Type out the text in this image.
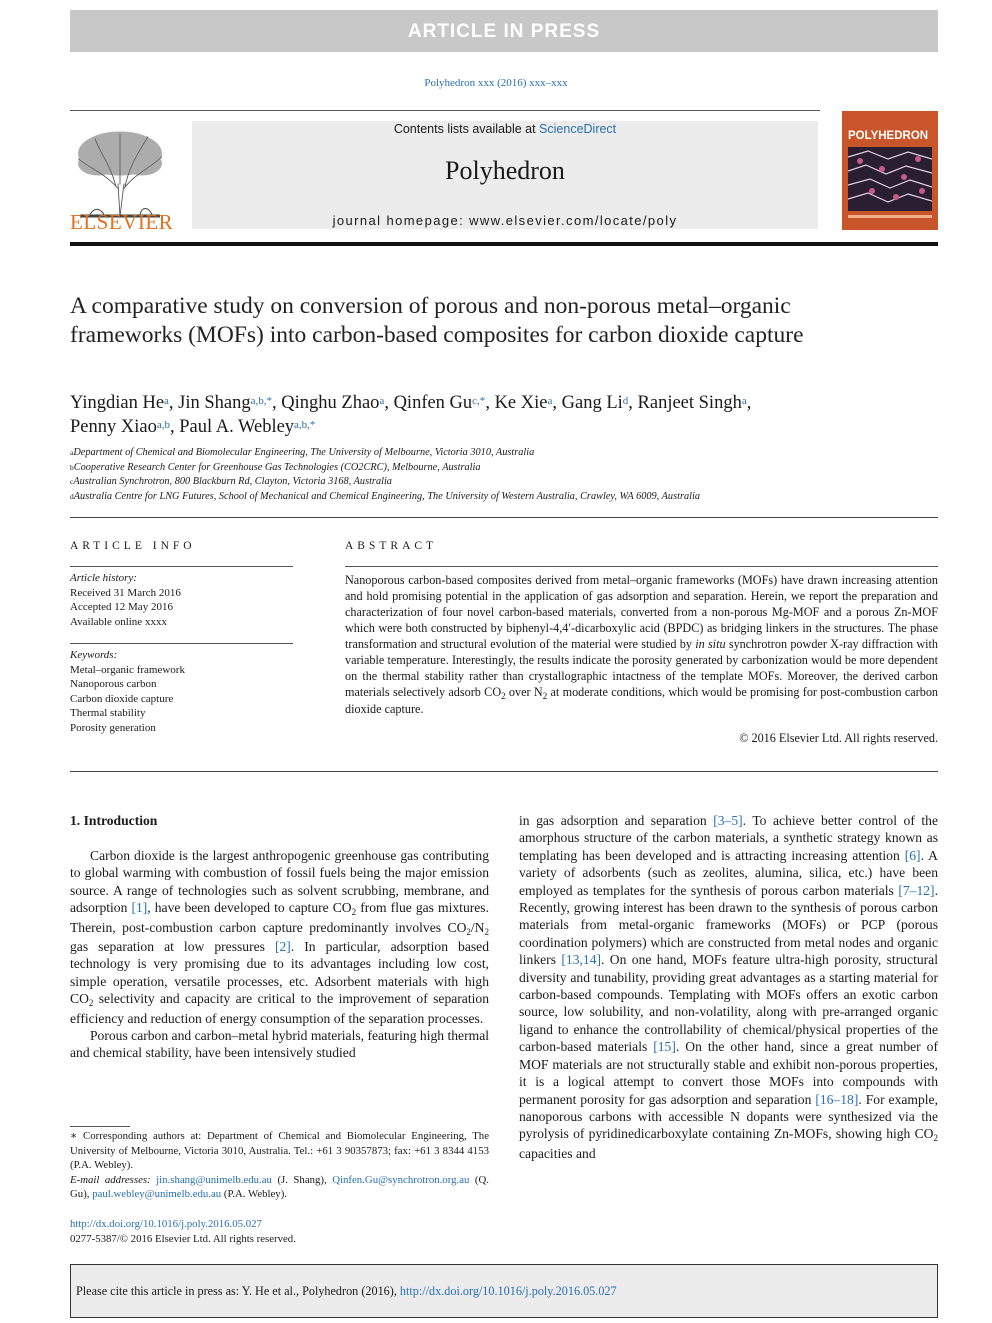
ARTICLE IN PRESS
Polyhedron xxx (2016) xxx–xxx
ELSEVIER
Contents lists available at ScienceDirect
Polyhedron
journal homepage: www.elsevier.com/locate/poly
POLYHEDRON
A comparative study on conversion of porous and non-porous metal–organic frameworks (MOFs) into carbon-based composites for carbon dioxide capture
Yingdian He$^a$, Jin Shang$^{a,b,*}$, Qinghu Zhao$^a$, Qinfen $Gu^{c,*}$, Ke Xie$^a$, Gang Li$^d$, Ranjeet Singh$^a$,
Penny Xiao$^{a,b}$, Paul A. Webley$^{a,b,*}$
$^a$Department of Chemical and Biomolecular Engineering, The University of Melbourne, Victoria 3010, Australia
$^b$Cooperative Research Center for Greenhouse Gas Technologies (CO2CRC), Melbourne, Australia
$^c$Australian Synchrotron, 800 Blackburn Rd, Clayton, Victoria 3168, Australia
$^d$Australia Centre for LNG Futures, School of Mechanical and Chemical Engineering, The University of Western Australia, Crawley, WA 6009, Australia
ARTICLE INFO
Article history:
Received 31 March 2016
Accepted 12 May 2016
Available online xxxx
Keywords:
Metal–organic framework
Nanoporous carbon
Carbon dioxide capture
Thermal stability
Porosity generation
ABSTRACT
Nanoporous carbon-based composites derived from metal–organic frameworks (MOFs) have drawn increasing attention and hold promising potential in the application of gas adsorption and separation. Herein, we report the preparation and characterization of four novel carbon-based materials, converted from a non-porous Mg-MOF and a porous Zn-MOF which were both constructed by biphenyl-4,4′-dicarboxylic acid (BPDC) as bridging linkers in the structures. The phase transformation and structural evolution of the material were studied by in situ synchrotron powder X-ray diffraction with variable temperature. Interestingly, the results indicate the porosity generated by carbonization would be more dependent on the thermal stability rather than crystallographic intactness of the template MOFs. Moreover, the derived carbon materials selectively adsorb $CO_2$ over $N_2$ at moderate conditions, which would be promising for post-combustion carbon dioxide capture.
© 2016 Elsevier Ltd. All rights reserved.
1. Introduction

Carbon dioxide is the largest anthropogenic greenhouse gas contributing to global warming with combustion of fossil fuels being the major emission source. A range of technologies such as solvent scrubbing, membrane, and adsorption [1], have been developed to capture $CO_2$ from flue gas mixtures. Therein, post-combustion carbon capture predominantly involves $CO_2/N_2$ gas separation at low pressures [2]. In particular, adsorption based technology is very promising due to its advantages including low cost, simple operation, versatile processes, etc. Adsorbent materials with high $CO_2$ selectivity and capacity are critical to the improvement of separation efficiency and reduction of energy consumption of the separation processes.

Porous carbon and carbon–metal hybrid materials, featuring high thermal and chemical stability, have been intensively studied

in gas adsorption and separation [3–5]. To achieve better control of the amorphous structure of the carbon materials, a synthetic strategy known as templating has been developed and is attracting increasing attention [6]. A variety of adsorbents (such as zeolites, alumina, silica, etc.) have been employed as templates for the synthesis of porous carbon materials [7–12]. Recently, growing interest has been drawn to the synthesis of porous carbon materials from metal-organic frameworks (MOFs) or PCP (porous coordination polymers) which are constructed from metal nodes and organic linkers [13,14]. On one hand, MOFs feature ultra-high porosity, structural diversity and tunability, providing great advantages as a starting material for carbon-based compounds. Templating with MOFs offers an exotic carbon source, low solubility, and non-volatility, along with pre-arranged organic ligand to enhance the controllability of chemical/physical properties of the carbon-based materials [15]. On the other hand, since a great number of MOF materials are not structurally stable and exhibit non-porous properties, it is a logical attempt to convert those MOFs into compounds with permanent porosity for gas adsorption and separation [16–18]. For example, nanoporous carbons with accessible N dopants were synthesized via the pyrolysis of pyridinedicarboxylate containing Zn-MOFs, showing high $CO_2$ capacities and

∗ Corresponding authors at: Department of Chemical and Biomolecular Engineering, The University of Melbourne, Victoria 3010, Australia. Tel.: +61 3 90357873; fax: +61 3 8344 4153 (P.A. Webley).
E-mail addresses: jin.shang@unimelb.edu.au (J. Shang), Qinfen.Gu@synchrotron.org.au (Q. Gu), paul.webley@unimelb.edu.au (P.A. Webley).
http://dx.doi.org/10.1016/j.poly.2016.05.027
0277-5387/© 2016 Elsevier Ltd. All rights reserved.
Please cite this article in press as: Y. He et al., Polyhedron (2016), http://dx.doi.org/10.1016/j.poly.2016.05.027
